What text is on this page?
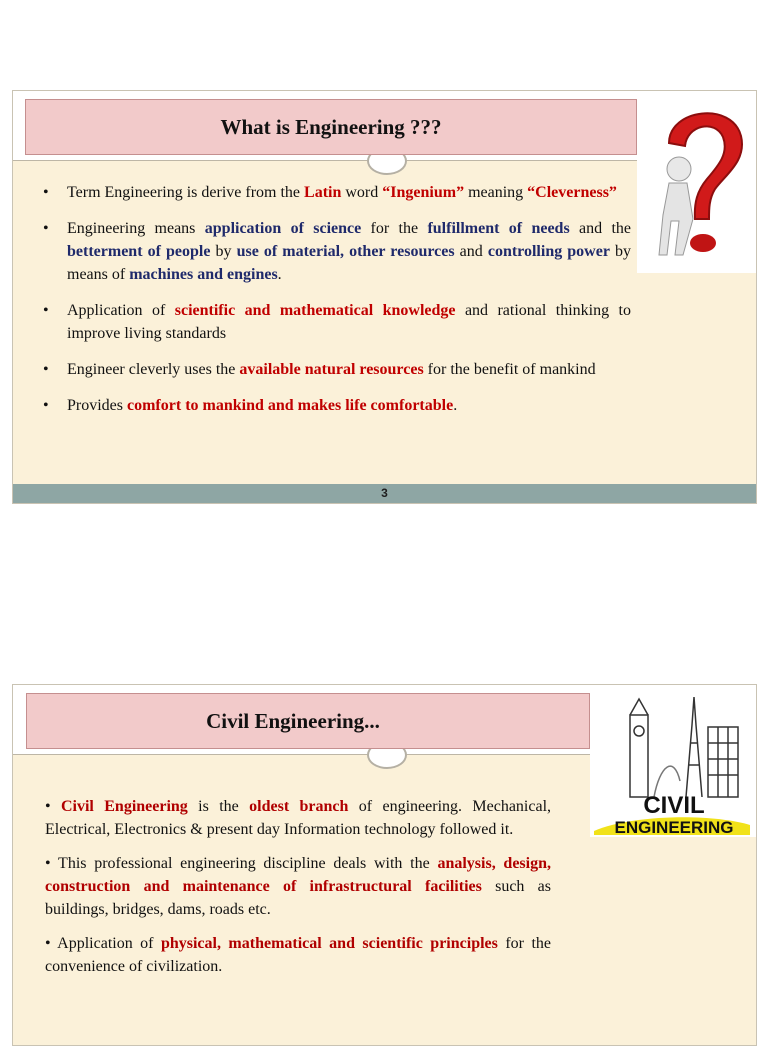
What is Engineering ???
• Term Engineering is derive from the Latin word “Ingenium” meaning “Cleverness”
• Engineering means application of science for the fulfillment of needs and the betterment of people by use of material, other resources and controlling power by means of machines and engines.
• Application of scientific and mathematical knowledge and rational thinking to improve living standards
• Engineer cleverly uses the available natural resources for the benefit of mankind
• Provides comfort to mankind and makes life comfortable.
3
Civil Engineering...
CIVIL
ENGINEERING

• Civil Engineering is the oldest branch of engineering. Mechanical, Electrical, Electronics & present day Information technology followed it.

• This professional engineering discipline deals with the analysis, design, construction and maintenance of infrastructural facilities such as buildings, bridges, dams, roads etc.

• Application of physical, mathematical and scientific principles for the convenience of civilization.
